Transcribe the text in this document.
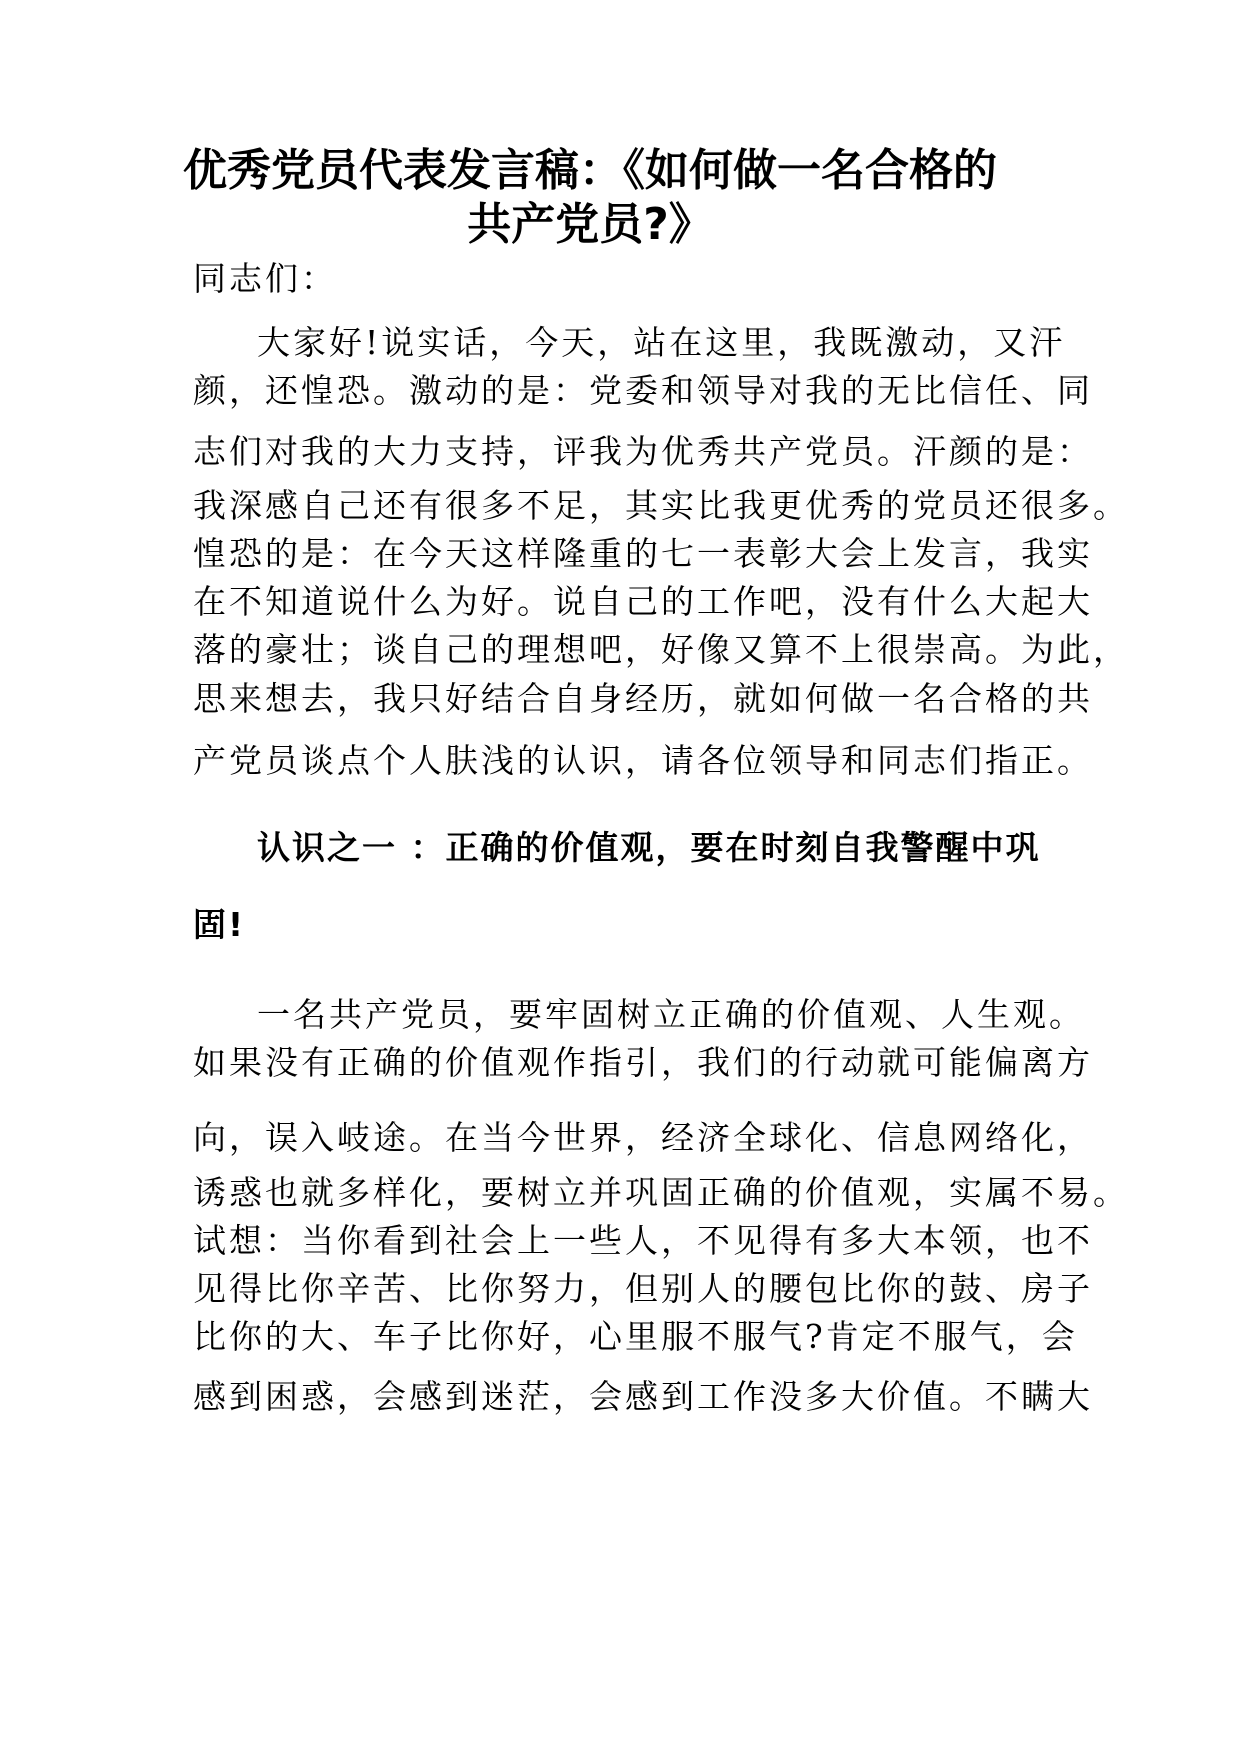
优秀党员代表发言稿：《如何做一名合格的
共产党员?》

同志们：

大家好!说实话，今天，站在这里，我既激动，又汗

颜，还惶恐。激动的是：党委和领导对我的无比信任、同

志们对我的大力支持，评我为优秀共产党员。汗颜的是：

我深感自己还有很多不足，其实比我更优秀的党员还很多。

惶恐的是：在今天这样隆重的七一表彰大会上发言，我实

在不知道说什么为好。说自己的工作吧，没有什么大起大

落的豪壮；谈自己的理想吧，好像又算不上很崇高。为此，

思来想去，我只好结合自身经历，就如何做一名合格的共

产党员谈点个人肤浅的认识，请各位领导和同志们指正。

认识之一 ：正确的价值观，要在时刻自我警醒中巩
固!

一名共产党员，要牢固树立正确的价值观、人生观。

如果没有正确的价值观作指引，我们的行动就可能偏离方

向，误入岐途。在当今世界，经济全球化、信息网络化，

诱惑也就多样化，要树立并巩固正确的价值观，实属不易。

试想：当你看到社会上一些人，不见得有多大本领，也不

见得比你辛苦、比你努力，但别人的腰包比你的鼓、房子

比你的大、车子比你好，心里服不服气?肯定不服气，会

感到困惑，会感到迷茫，会感到工作没多大价值。不瞒大
